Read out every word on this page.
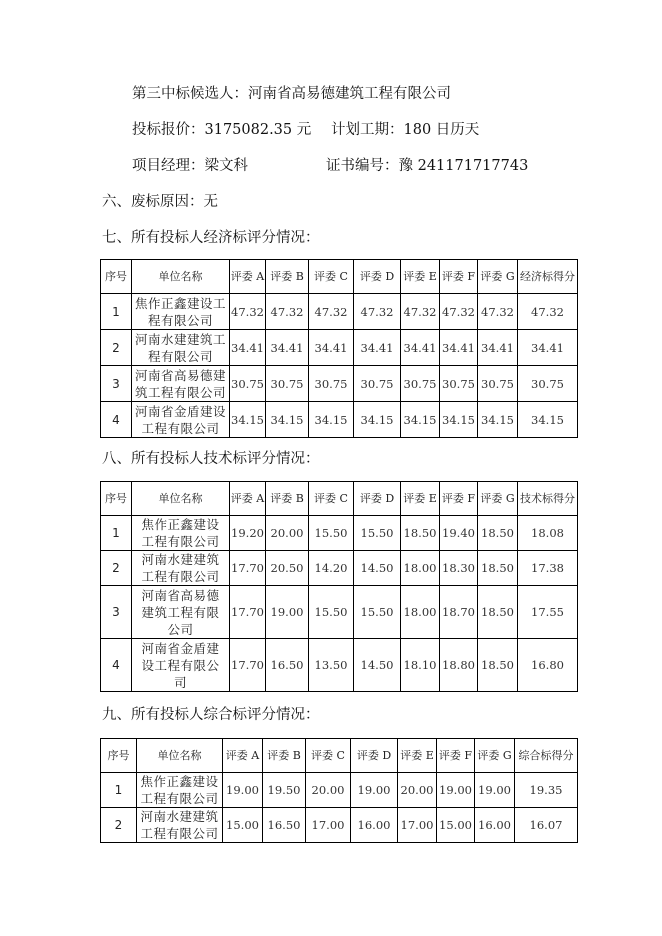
第三中标候选人：河南省高易德建筑工程有限公司
投标报价：3175082.35 元 计划工期：180 日历天
项目经理：梁文科	证书编号：豫 241171717743
六、废标原因：无
七、所有投标人经济标评分情况：
序号	单位名称	评委 A	评委 B	评委 C	评委 D	评委 E	评委 F	评委 G	经济标得分
1	焦作正鑫建设工程有限公司	47.32	47.32	47.32	47.32	47.32	47.32	47.32	47.32
2	河南水建建筑工程有限公司	34.41	34.41	34.41	34.41	34.41	34.41	34.41	34.41
3	河南省高易德建筑工程有限公司	30.75	30.75	30.75	30.75	30.75	30.75	30.75	30.75
4	河南省金盾建设工程有限公司	34.15	34.15	34.15	34.15	34.15	34.15	34.15	34.15
八、所有投标人技术标评分情况：
序号	单位名称	评委 A	评委 B	评委 C	评委 D	评委 E	评委 F	评委 G	技术标得分
1	焦作正鑫建设工程有限公司	19.20	20.00	15.50	15.50	18.50	19.40	18.50	18.08
2	河南水建建筑工程有限公司	17.70	20.50	14.20	14.50	18.00	18.30	18.50	17.38
3	河南省高易德建筑工程有限公司	17.70	19.00	15.50	15.50	18.00	18.70	18.50	17.55
4	河南省金盾建设工程有限公司	17.70	16.50	13.50	14.50	18.10	18.80	18.50	16.80
九、所有投标人综合标评分情况：
序号	单位名称	评委 A	评委 B	评委 C	评委 D	评委 E	评委 F	评委 G	综合标得分
1	焦作正鑫建设工程有限公司	19.00	19.50	20.00	19.00	20.00	19.00	19.00	19.35
2	河南水建建筑工程有限公司	15.00	16.50	17.00	16.00	17.00	15.00	16.00	16.07
